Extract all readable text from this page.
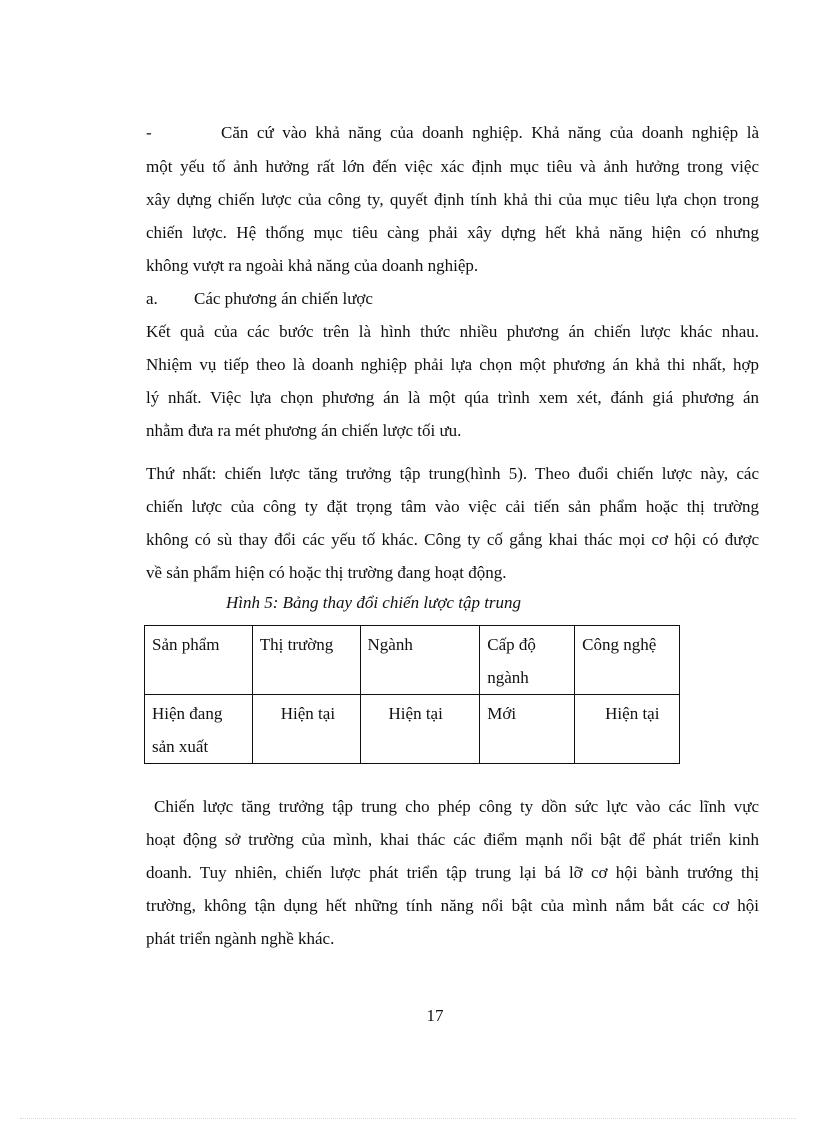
-	Căn cứ vào khả năng của doanh nghiệp. Khả năng của doanh nghiệp là
một yếu tố ảnh hưởng rất lớn đến việc xác định mục tiêu và ảnh hưởng trong việc
xây dựng chiến lược của công ty, quyết định tính khả thi của mục tiêu lựa chọn trong
chiến lược. Hệ thống mục tiêu càng phải xây dựng hết khả năng hiện có nhưng
không vượt ra ngoài khả năng của doanh nghiệp.
a. Các phương án chiến lược
Kết quả của các bước trên là hình thức nhiều phương án chiến lược khác nhau.
Nhiệm vụ tiếp theo là doanh nghiệp phải lựa chọn một phương án khả thi nhất, hợp
lý nhất. Việc lựa chọn phương án là một qúa trình xem xét, đánh giá phương án
nhằm đưa ra mét phương án chiến lược tối ưu.
Thứ nhất: chiến lược tăng trưởng tập trung(hình 5). Theo đuổi chiến lược này, các
chiến lược của công ty đặt trọng tâm vào việc cải tiến sản phẩm hoặc thị trường
không có sù thay đổi các yếu tố khác. Công ty cố gắng khai thác mọi cơ hội có được
về sản phẩm hiện có hoặc thị trường đang hoạt động.
Hình 5: Bảng thay đổi chiến lược tập trung
Sản phẩm	Thị trường	Ngành	Cấp độ ngành	Công nghệ
Hiện đang sản xuất	Hiện tại	Hiện tại	Mới	Hiện tại
Chiến lược tăng trưởng tập trung cho phép công ty dồn sức lực vào các lĩnh vực
hoạt động sở trường của mình, khai thác các điểm mạnh nổi bật để phát triển kinh
doanh. Tuy nhiên, chiến lược phát triển tập trung lại bá lỡ cơ hội bành trướng thị
trường, không tận dụng hết những tính năng nổi bật của mình nắm bắt các cơ hội
phát triển ngành nghề khác.
17
